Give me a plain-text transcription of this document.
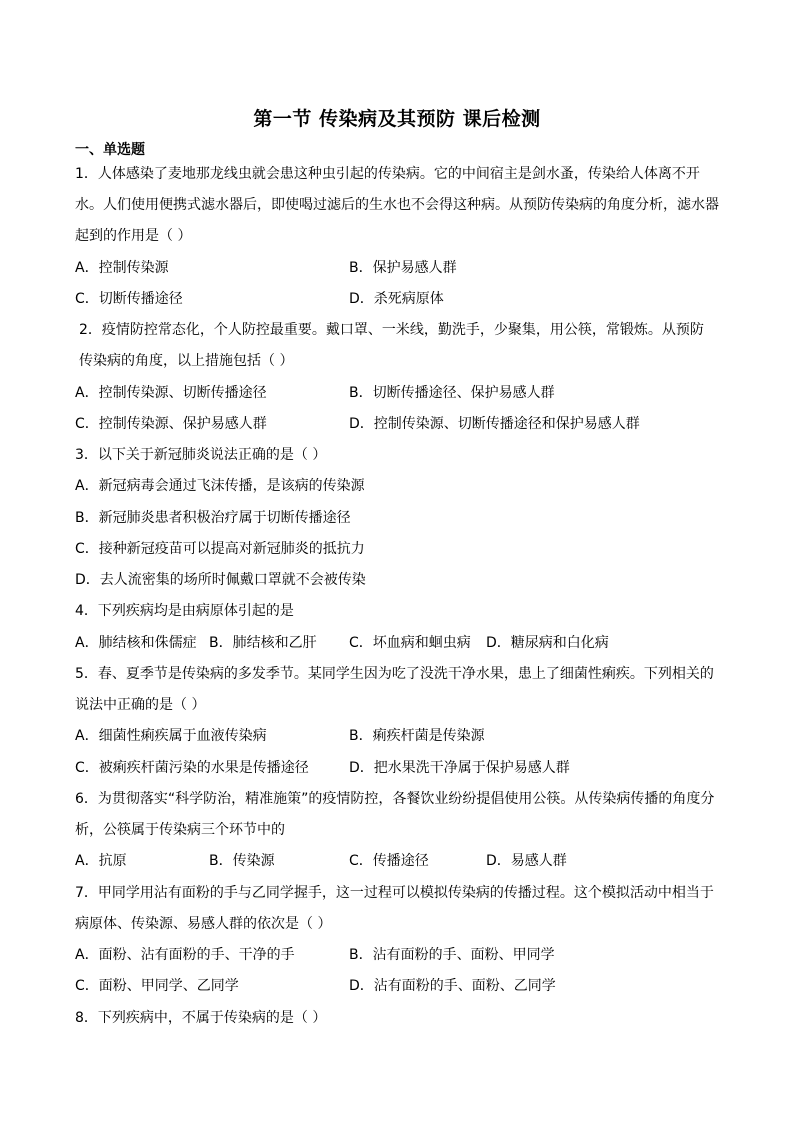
第一节 传染病及其预防 课后检测
一、单选题
1．人体感染了麦地那龙线虫就会患这种虫引起的传染病。它的中间宿主是剑水蚤，传染给人体离不开
水。人们使用便携式滤水器后，即使喝过滤后的生水也不会得这种病。从预防传染病的角度分析，滤水器
起到的作用是（ ）
A．控制传染源	B．保护易感人群
C．切断传播途径	D．杀死病原体
2．疫情防控常态化，个人防控最重要。戴口罩、一米线，勤洗手，少聚集，用公筷，常锻炼。从预防
传染病的角度，以上措施包括（ ）
A．控制传染源、切断传播途径	B．切断传播途径、保护易感人群
C．控制传染源、保护易感人群	D．控制传染源、切断传播途径和保护易感人群
3．以下关于新冠肺炎说法正确的是（ ）
A．新冠病毒会通过飞沫传播，是该病的传染源
B．新冠肺炎患者积极治疗属于切断传播途径
C．接种新冠疫苗可以提高对新冠肺炎的抵抗力
D．去人流密集的场所时佩戴口罩就不会被传染
4．下列疾病均是由病原体引起的是
A．肺结核和侏儒症 B．肺结核和乙肝 C．坏血病和蛔虫病 D．糖尿病和白化病
5．春、夏季节是传染病的多发季节。某同学生因为吃了没洗干净水果，患上了细菌性痢疾。下列相关的
说法中正确的是（ ）
A．细菌性痢疾属于血液传染病	B．痢疾杆菌是传染源
C．被痢疾杆菌污染的水果是传播途径	D．把水果洗干净属于保护易感人群
6．为贯彻落实“科学防治，精准施策”的疫情防控，各餐饮业纷纷提倡使用公筷。从传染病传播的角度分
析，公筷属于传染病三个环节中的
A．抗原	B．传染源	C．传播途径	D．易感人群
7．甲同学用沾有面粉的手与乙同学握手，这一过程可以模拟传染病的传播过程。这个模拟活动中相当于
病原体、传染源、易感人群的依次是（ ）
A．面粉、沾有面粉的手、干净的手	B．沾有面粉的手、面粉、甲同学
C．面粉、甲同学、乙同学	D．沾有面粉的手、面粉、乙同学
8．下列疾病中，不属于传染病的是（ ）
